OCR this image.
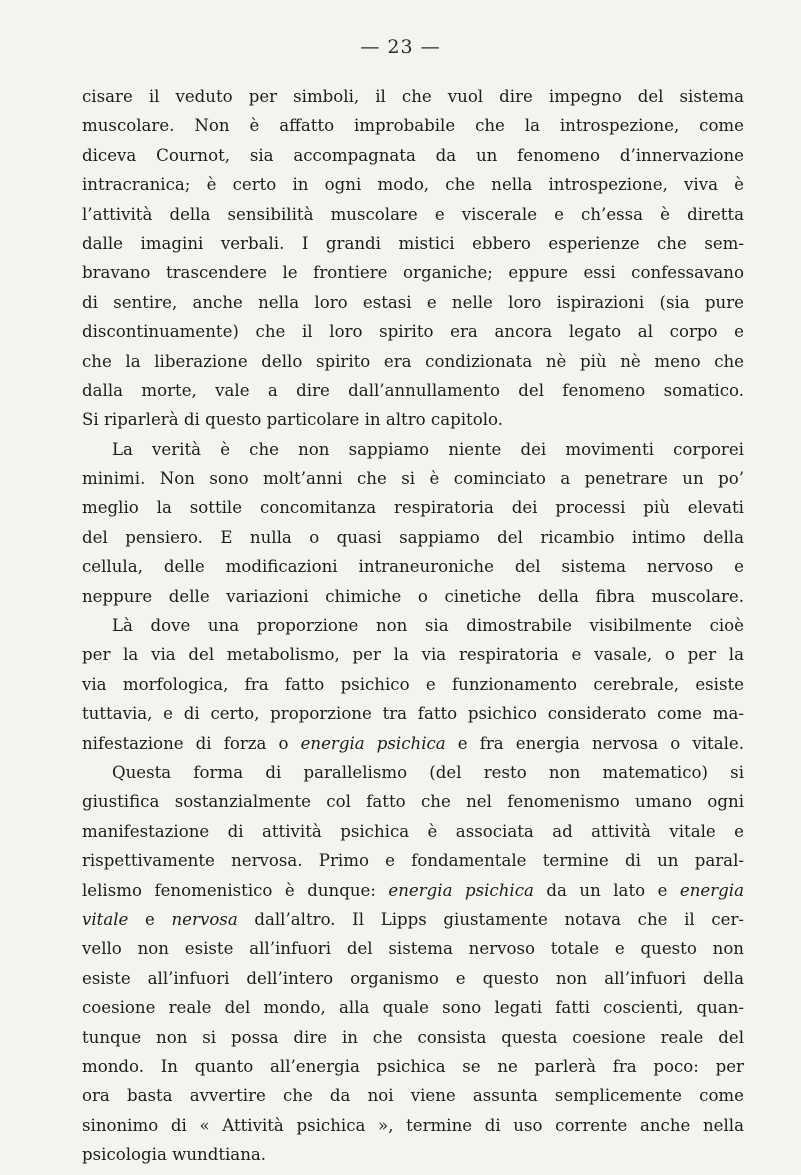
— 23 —
cisare il veduto per simboli, il che vuol dire impegno del sistema
muscolare. Non è affatto improbabile che la introspezione, come
diceva Cournot, sia accompagnata da un fenomeno d’innervazione
intracranica; è certo in ogni modo, che nella introspezione, viva è
l’attività della sensibilità muscolare e viscerale e ch’essa è diretta
dalle imagini verbali. I grandi mistici ebbero esperienze che sem-
bravano trascendere le frontiere organiche; eppure essi confessavano
di sentire, anche nella loro estasi e nelle loro ispirazioni (sia pure
discontinuamente) che il loro spirito era ancora legato al corpo e
che la liberazione dello spirito era condizionata nè più nè meno che
dalla morte, vale a dire dall’annullamento del fenomeno somatico.
Si riparlerà di questo particolare in altro capitolo.
La verità è che non sappiamo niente dei movimenti corporei
minimi. Non sono molt’anni che si è cominciato a penetrare un po’
meglio la sottile concomitanza respiratoria dei processi più elevati
del pensiero. E nulla o quasi sappiamo del ricambio intimo della
cellula, delle modificazioni intraneuroniche del sistema nervoso e
neppure delle variazioni chimiche o cinetiche della fibra muscolare.
Là dove una proporzione non sia dimostrabile visibilmente cioè
per la via del metabolismo, per la via respiratoria e vasale, o per la
via morfologica, fra fatto psichico e funzionamento cerebrale, esiste
tuttavia, e di certo, proporzione tra fatto psichico considerato come ma-
nifestazione di forza o energia psichica e fra energia nervosa o vitale.
Questa forma di parallelismo (del resto non matematico) si
giustifica sostanzialmente col fatto che nel fenomenismo umano ogni
manifestazione di attività psichica è associata ad attività vitale e
rispettivamente nervosa. Primo e fondamentale termine di un paral-
lelismo fenomenistico è dunque: energia psichica da un lato e energia
vitale e nervosa dall’altro. Il Lipps giustamente notava che il cer-
vello non esiste all’infuori del sistema nervoso totale e questo non
esiste all’infuori dell’intero organismo e questo non all’infuori della
coesione reale del mondo, alla quale sono legati fatti coscienti, quan-
tunque non si possa dire in che consista questa coesione reale del
mondo. In quanto all’energia psichica se ne parlerà fra poco: per
ora basta avvertire che da noi viene assunta semplicemente come
sinonimo di « Attività psichica », termine di uso corrente anche nella
psicologia wundtiana.
